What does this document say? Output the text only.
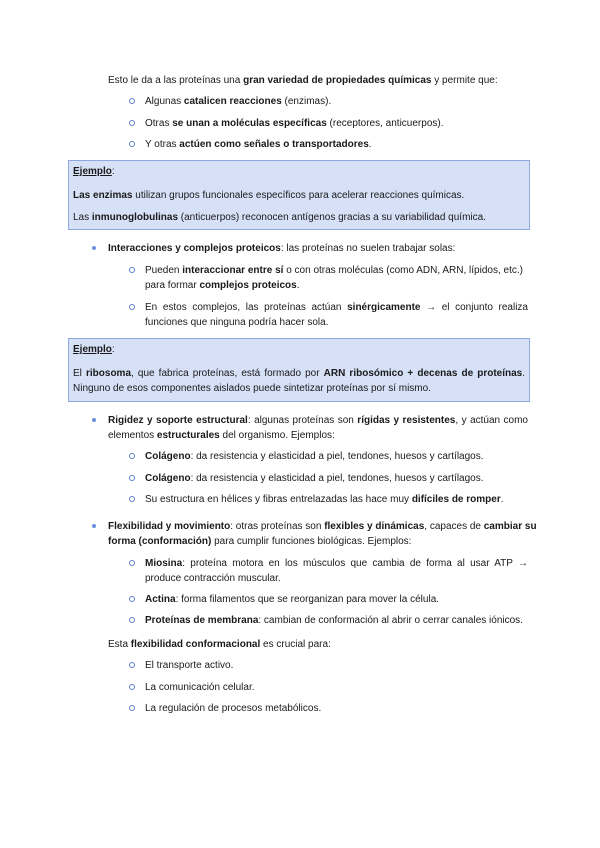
Esto le da a las proteínas una gran variedad de propiedades químicas y permite que:
Algunas catalicen reacciones (enzimas).
Otras se unan a moléculas específicas (receptores, anticuerpos).
Y otras actúen como señales o transportadores.
Ejemplo:
Las enzimas utilizan grupos funcionales específicos para acelerar reacciones químicas.
Las inmunoglobulinas (anticuerpos) reconocen antígenos gracias a su variabilidad química.
Interacciones y complejos proteicos: las proteínas no suelen trabajar solas:
Pueden interaccionar entre sí o con otras moléculas (como ADN, ARN, lípidos, etc.)
para formar complejos proteicos.
En estos complejos, las proteínas actúan sinérgicamente → el conjunto realiza
funciones que ninguna podría hacer sola.
Ejemplo:
El ribosoma, que fabrica proteínas, está formado por ARN ribosómico + decenas de proteínas.
Ninguno de esos componentes aislados puede sintetizar proteínas por sí mismo.
Rigidez y soporte estructural: algunas proteínas son rígidas y resistentes, y actúan como
elementos estructurales del organismo. Ejemplos:
Colágeno: da resistencia y elasticidad a piel, tendones, huesos y cartílagos.
Colágeno: da resistencia y elasticidad a piel, tendones, huesos y cartílagos.
Su estructura en hélices y fibras entrelazadas las hace muy difíciles de romper.
Flexibilidad y movimiento: otras proteínas son flexibles y dinámicas, capaces de cambiar su
forma (conformación) para cumplir funciones biológicas. Ejemplos:
Miosina: proteína motora en los músculos que cambia de forma al usar ATP →
produce contracción muscular.
Actina: forma filamentos que se reorganizan para mover la célula.
Proteínas de membrana: cambian de conformación al abrir o cerrar canales iónicos.
Esta flexibilidad conformacional es crucial para:
El transporte activo.
La comunicación celular.
La regulación de procesos metabólicos.
